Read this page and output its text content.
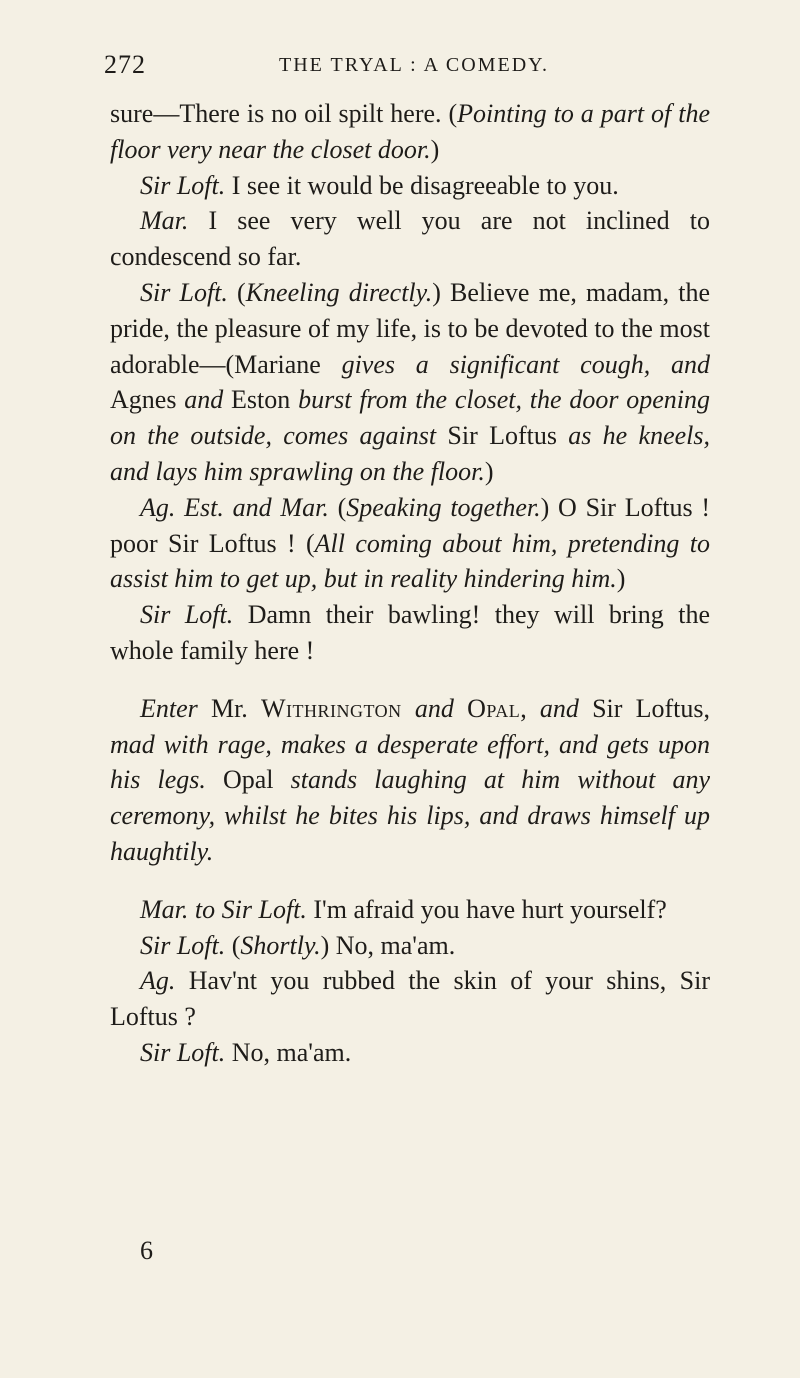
272	THE TRYAL : A COMEDY.

sure—There is no oil spilt here. (Pointing to a part of the floor very near the closet door.)

Sir Loft. I see it would be disagreeable to you.

Mar. I see very well you are not inclined to condescend so far.

Sir Loft. (Kneeling directly.) Believe me, madam, the pride, the pleasure of my life, is to be devoted to the most adorable—(Mariane gives a significant cough, and Agnes and Eston burst from the closet, the door opening on the outside, comes against Sir Loftus as he kneels, and lays him sprawling on the floor.)

Ag. Est. and Mar. (Speaking together.) O Sir Loftus ! poor Sir Loftus ! (All coming about him, pretending to assist him to get up, but in reality hindering him.)

Sir Loft. Damn their bawling! they will bring the whole family here !

Enter Mr. Withrington and Opal, and Sir Loftus, mad with rage, makes a desperate effort, and gets upon his legs. Opal stands laughing at him without any ceremony, whilst he bites his lips, and draws himself up haughtily.

Mar. to Sir Loft. I'm afraid you have hurt yourself?

Sir Loft. (Shortly.) No, ma'am.

Ag. Hav'nt you rubbed the skin of your shins, Sir Loftus ?

Sir Loft. No, ma'am.

6
